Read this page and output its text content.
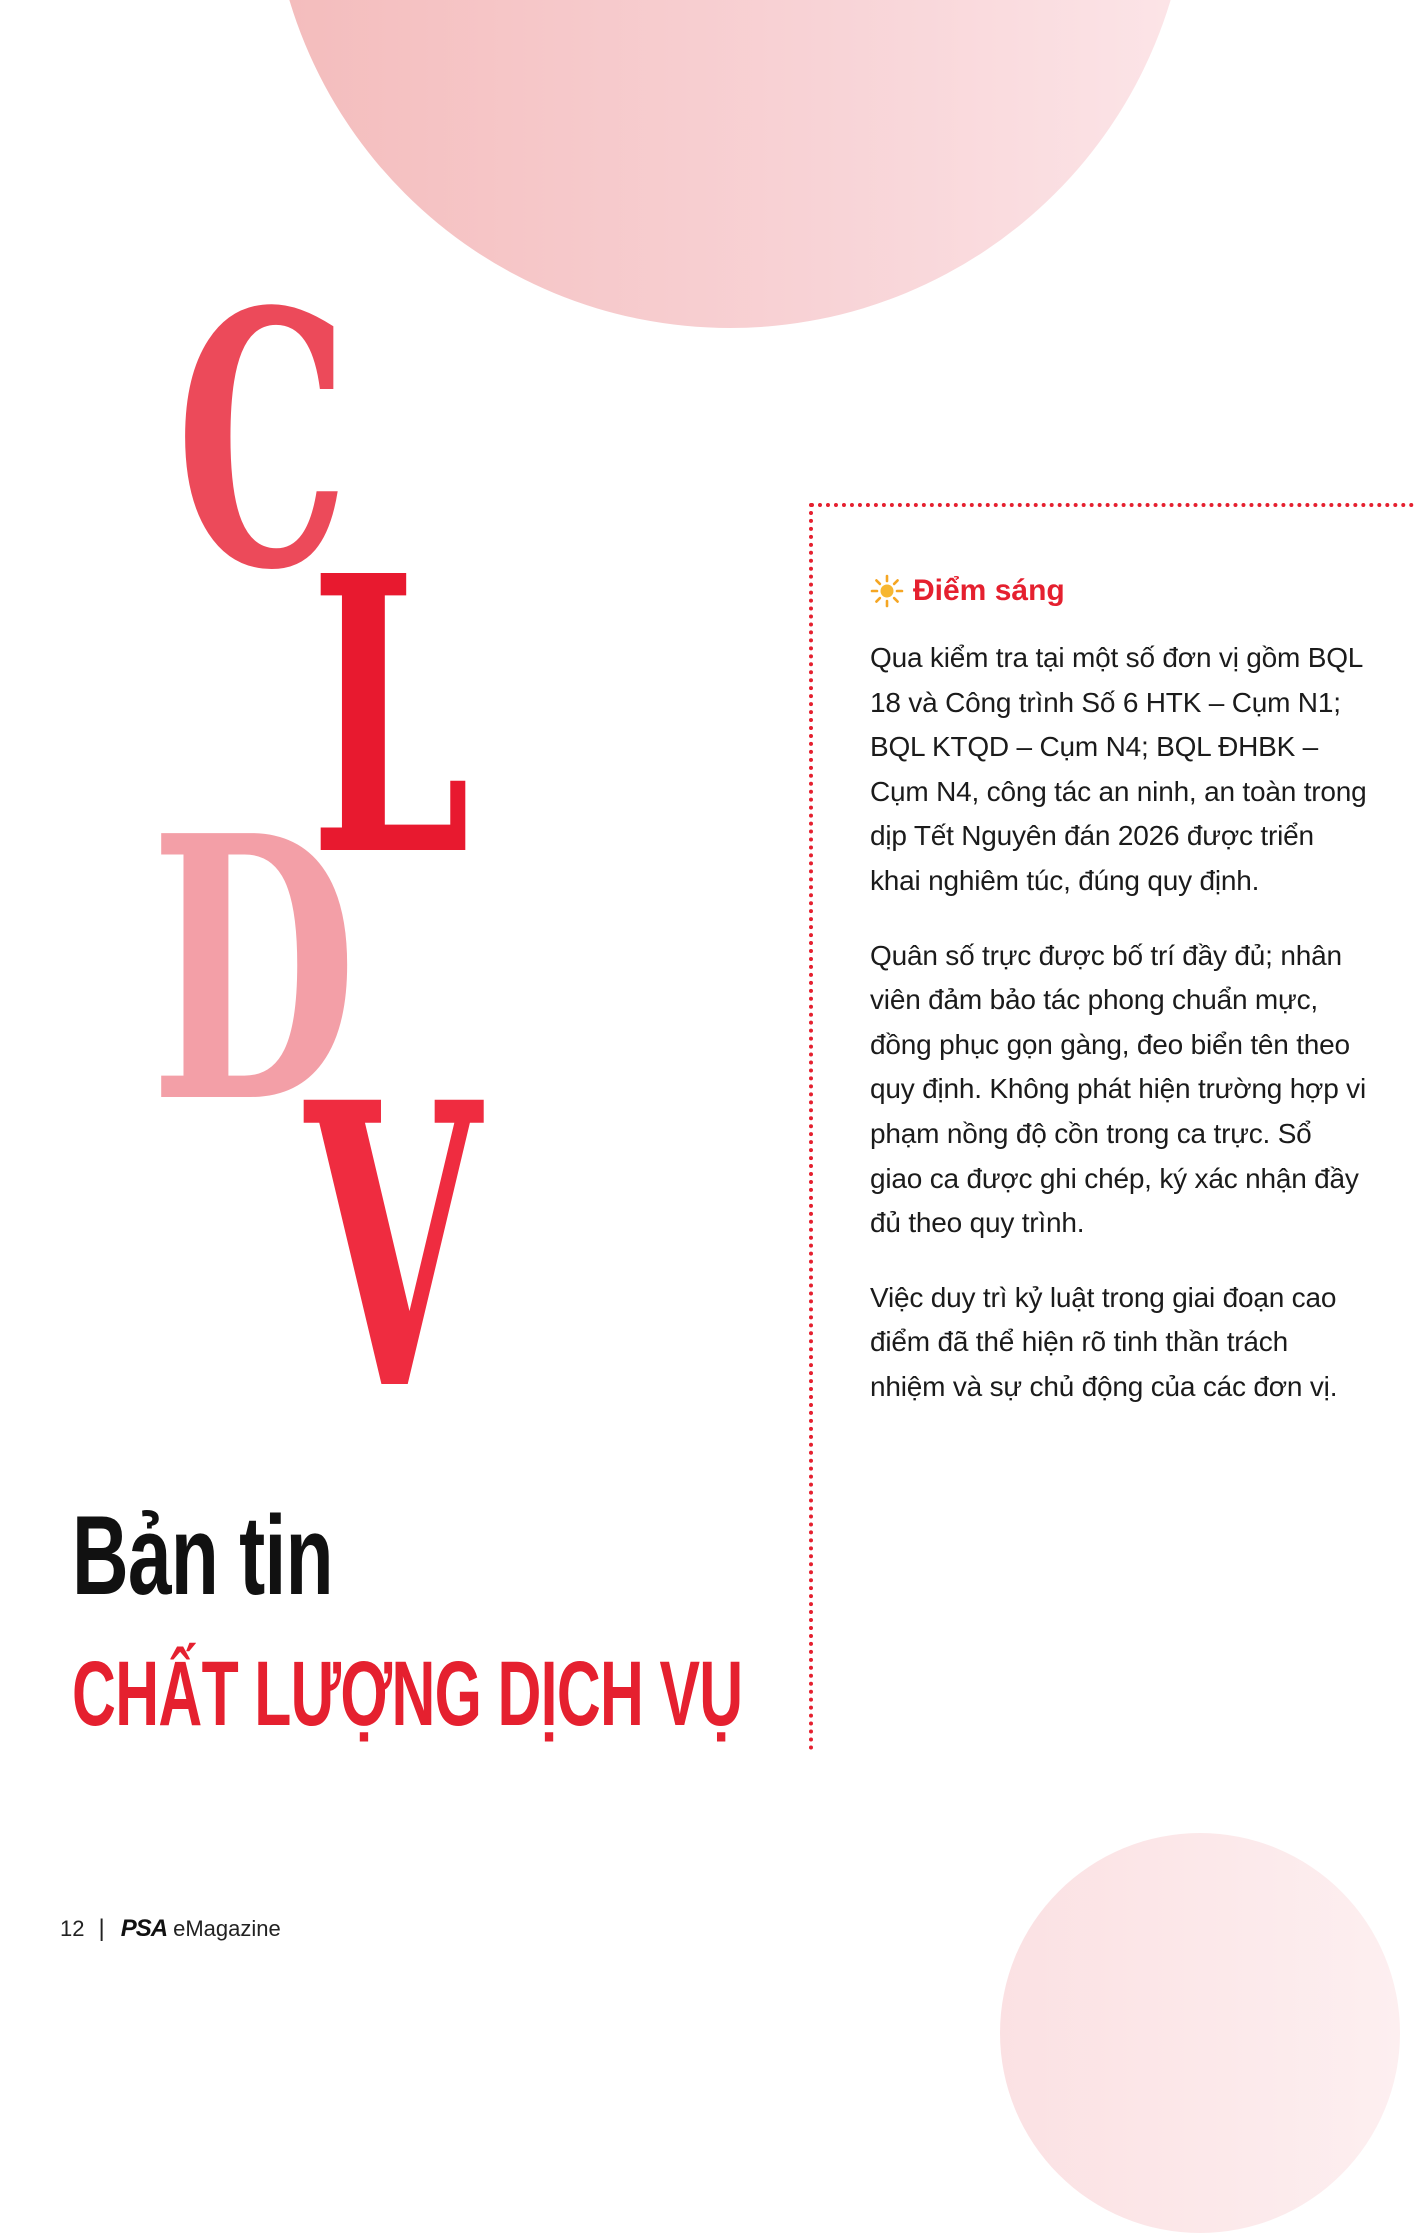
C
D
L
V
Bản tin
CHẤT LƯỢNG DỊCH VỤ
Điểm sáng

Qua kiểm tra tại một số đơn vị gồm BQL 18 và Công trình Số 6 HTK – Cụm N1; BQL KTQD – Cụm N4; BQL ĐHBK – Cụm N4, công tác an ninh, an toàn trong dịp Tết Nguyên đán 2026 được triển khai nghiêm túc, đúng quy định.

Quân số trực được bố trí đầy đủ; nhân viên đảm bảo tác phong chuẩn mực, đồng phục gọn gàng, đeo biển tên theo quy định. Không phát hiện trường hợp vi phạm nồng độ cồn trong ca trực. Sổ giao ca được ghi chép, ký xác nhận đầy đủ theo quy trình.

Việc duy trì kỷ luật trong giai đoạn cao điểm đã thể hiện rõ tinh thần trách nhiệm và sự chủ động của các đơn vị.

12 | PSA eMagazine
